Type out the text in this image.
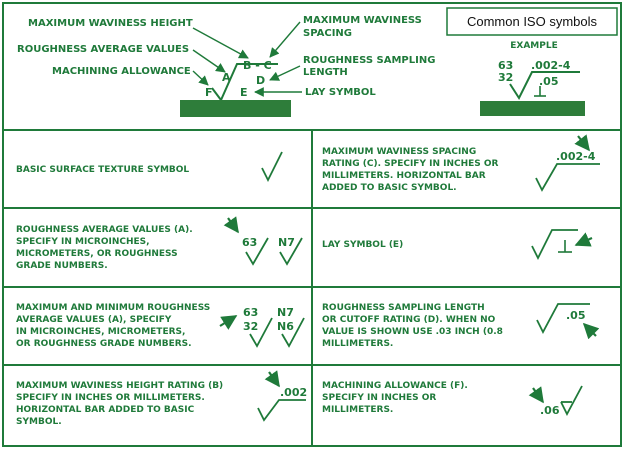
Common ISO symbols
MAXIMUM WAVINESS HEIGHT
ROUGHNESS AVERAGE VALUES
MACHINING ALLOWANCE
MAXIMUM WAVINESS
SPACING
ROUGHNESS SAMPLING
LENGTH
LAY SYMBOL
A
B - C
D
E
F
EXAMPLE
.002-4
63
32 .05
BASIC SURFACE TEXTURE SYMBOL
MAXIMUM WAVINESS SPACING
RATING (C). SPECIFY IN INCHES OR
MILLIMETERS. HORIZONTAL BAR
ADDED TO BASIC SYMBOL.
.002-4
ROUGHNESS AVERAGE VALUES (A).
SPECIFY IN MICROINCHES,
MICROMETERS, OR ROUGHNESS
GRADE NUMBERS.
63 N7	LAY SYMBOL (E)
MAXIMUM AND MINIMUM ROUGHNESS
AVERAGE VALUES (A), SPECIFY
IN MICROINCHES, MICROMETERS,
OR ROUGHNESS GRADE NUMBERS.
63
32
N7
N6
ROUGHNESS SAMPLING LENGTH
OR CUTOFF RATING (D). WHEN NO
VALUE IS SHOWN USE .03 INCH (0.8
MILLIMETERS.
.05
MAXIMUM WAVINESS HEIGHT RATING (B)
SPECIFY IN INCHES OR MILLIMETERS.
HORIZONTAL BAR ADDED TO BASIC
SYMBOL.
.002 MACHINING ALLOWANCE (F).
SPECIFY IN INCHES OR
MILLIMETERS.	.06
